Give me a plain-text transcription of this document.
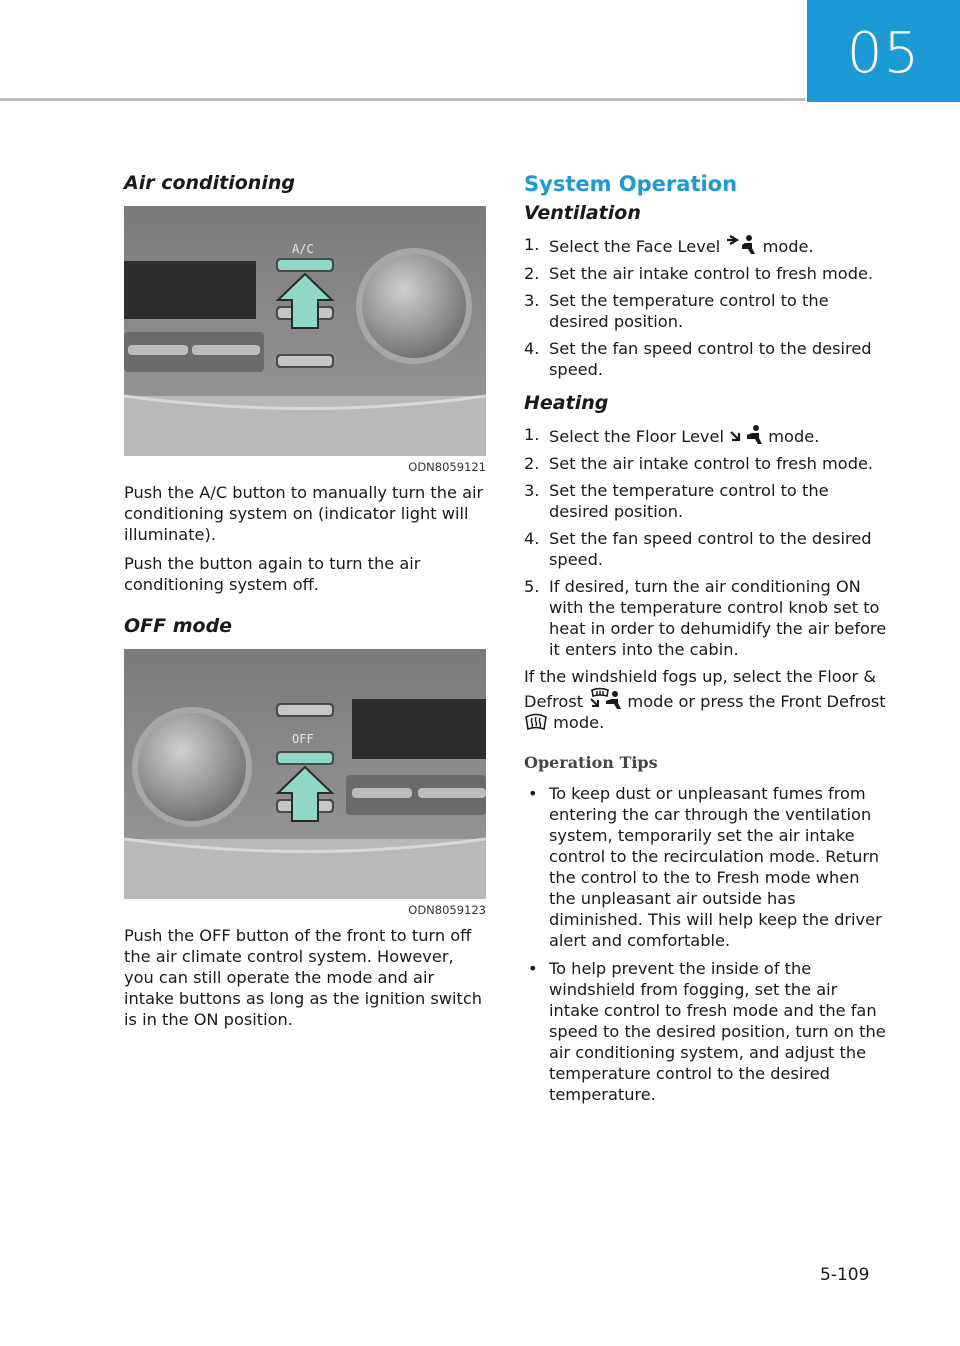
05
Air conditioning
A/C
ODN8059121

Push the A/C button to manually turn the air conditioning system on (indicator light will illuminate).

Push the button again to turn the air conditioning system off.

OFF mode
OFF
ODN8059123

Push the OFF button of the front to turn off the air climate control system. However, you can still operate the mode and air intake buttons as long as the ignition switch is in the ON position.

System Operation
Ventilation
1. Select the Face Level	mode.
2. Set the air intake control to fresh mode.
3. Set the temperature control to the desired position.
4. Set the fan speed control to the desired speed.
Heating
1. Select the Floor Level	mode.
2. Set the air intake control to fresh mode.
3. Set the temperature control to the desired position.
4. Set the fan speed control to the desired speed.
5. If desired, turn the air conditioning ON with the temperature control knob set to heat in order to dehumidify the air before it enters into the cabin.

If the windshield fogs up, select the Floor & Defrost	mode or press the Front Defrost  mode.

Operation Tips
• To keep dust or unpleasant fumes from entering the car through the ventilation system, temporarily set the air intake control to the recirculation mode. Return the control to the to Fresh mode when the unpleasant air outside has diminished. This will help keep the driver alert and comfortable.
• To help prevent the inside of the windshield from fogging, set the air intake control to fresh mode and the fan speed to the desired position, turn on the air conditioning system, and adjust the temperature control to the desired temperature.
5-109
